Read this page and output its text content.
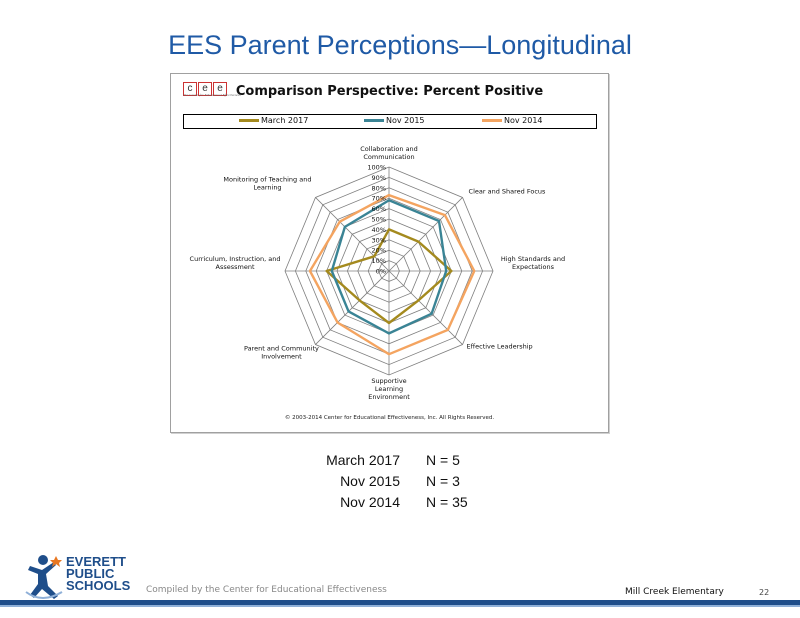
EES Parent Perceptions—Longitudinal
c e e
The Center for Educational Effectiveness
Comparison Perspective: Percent Positive
March 2017	Nov 2015	Nov 2014
0%
10%
20%
30%
40%
50%
60%
70%
80%
90%
100%
Collaboration and Communication
Clear and Shared Focus
High Standards and Expectations
Effective Leadership
Supportive Learning Environment
Parent and Community Involvement
Curriculum, Instruction, and Assessment
Monitoring of Teaching and Learning
© 2003-2014 Center for Educational Effectiveness, Inc. All Rights Reserved.
March 2017 N = 5
Nov 2015 N = 3
Nov 2014 N = 35
EVERETT
PUBLIC
SCHOOLS Compiled by the Center for Educational Effectiveness	Mill Creek Elementary	22
